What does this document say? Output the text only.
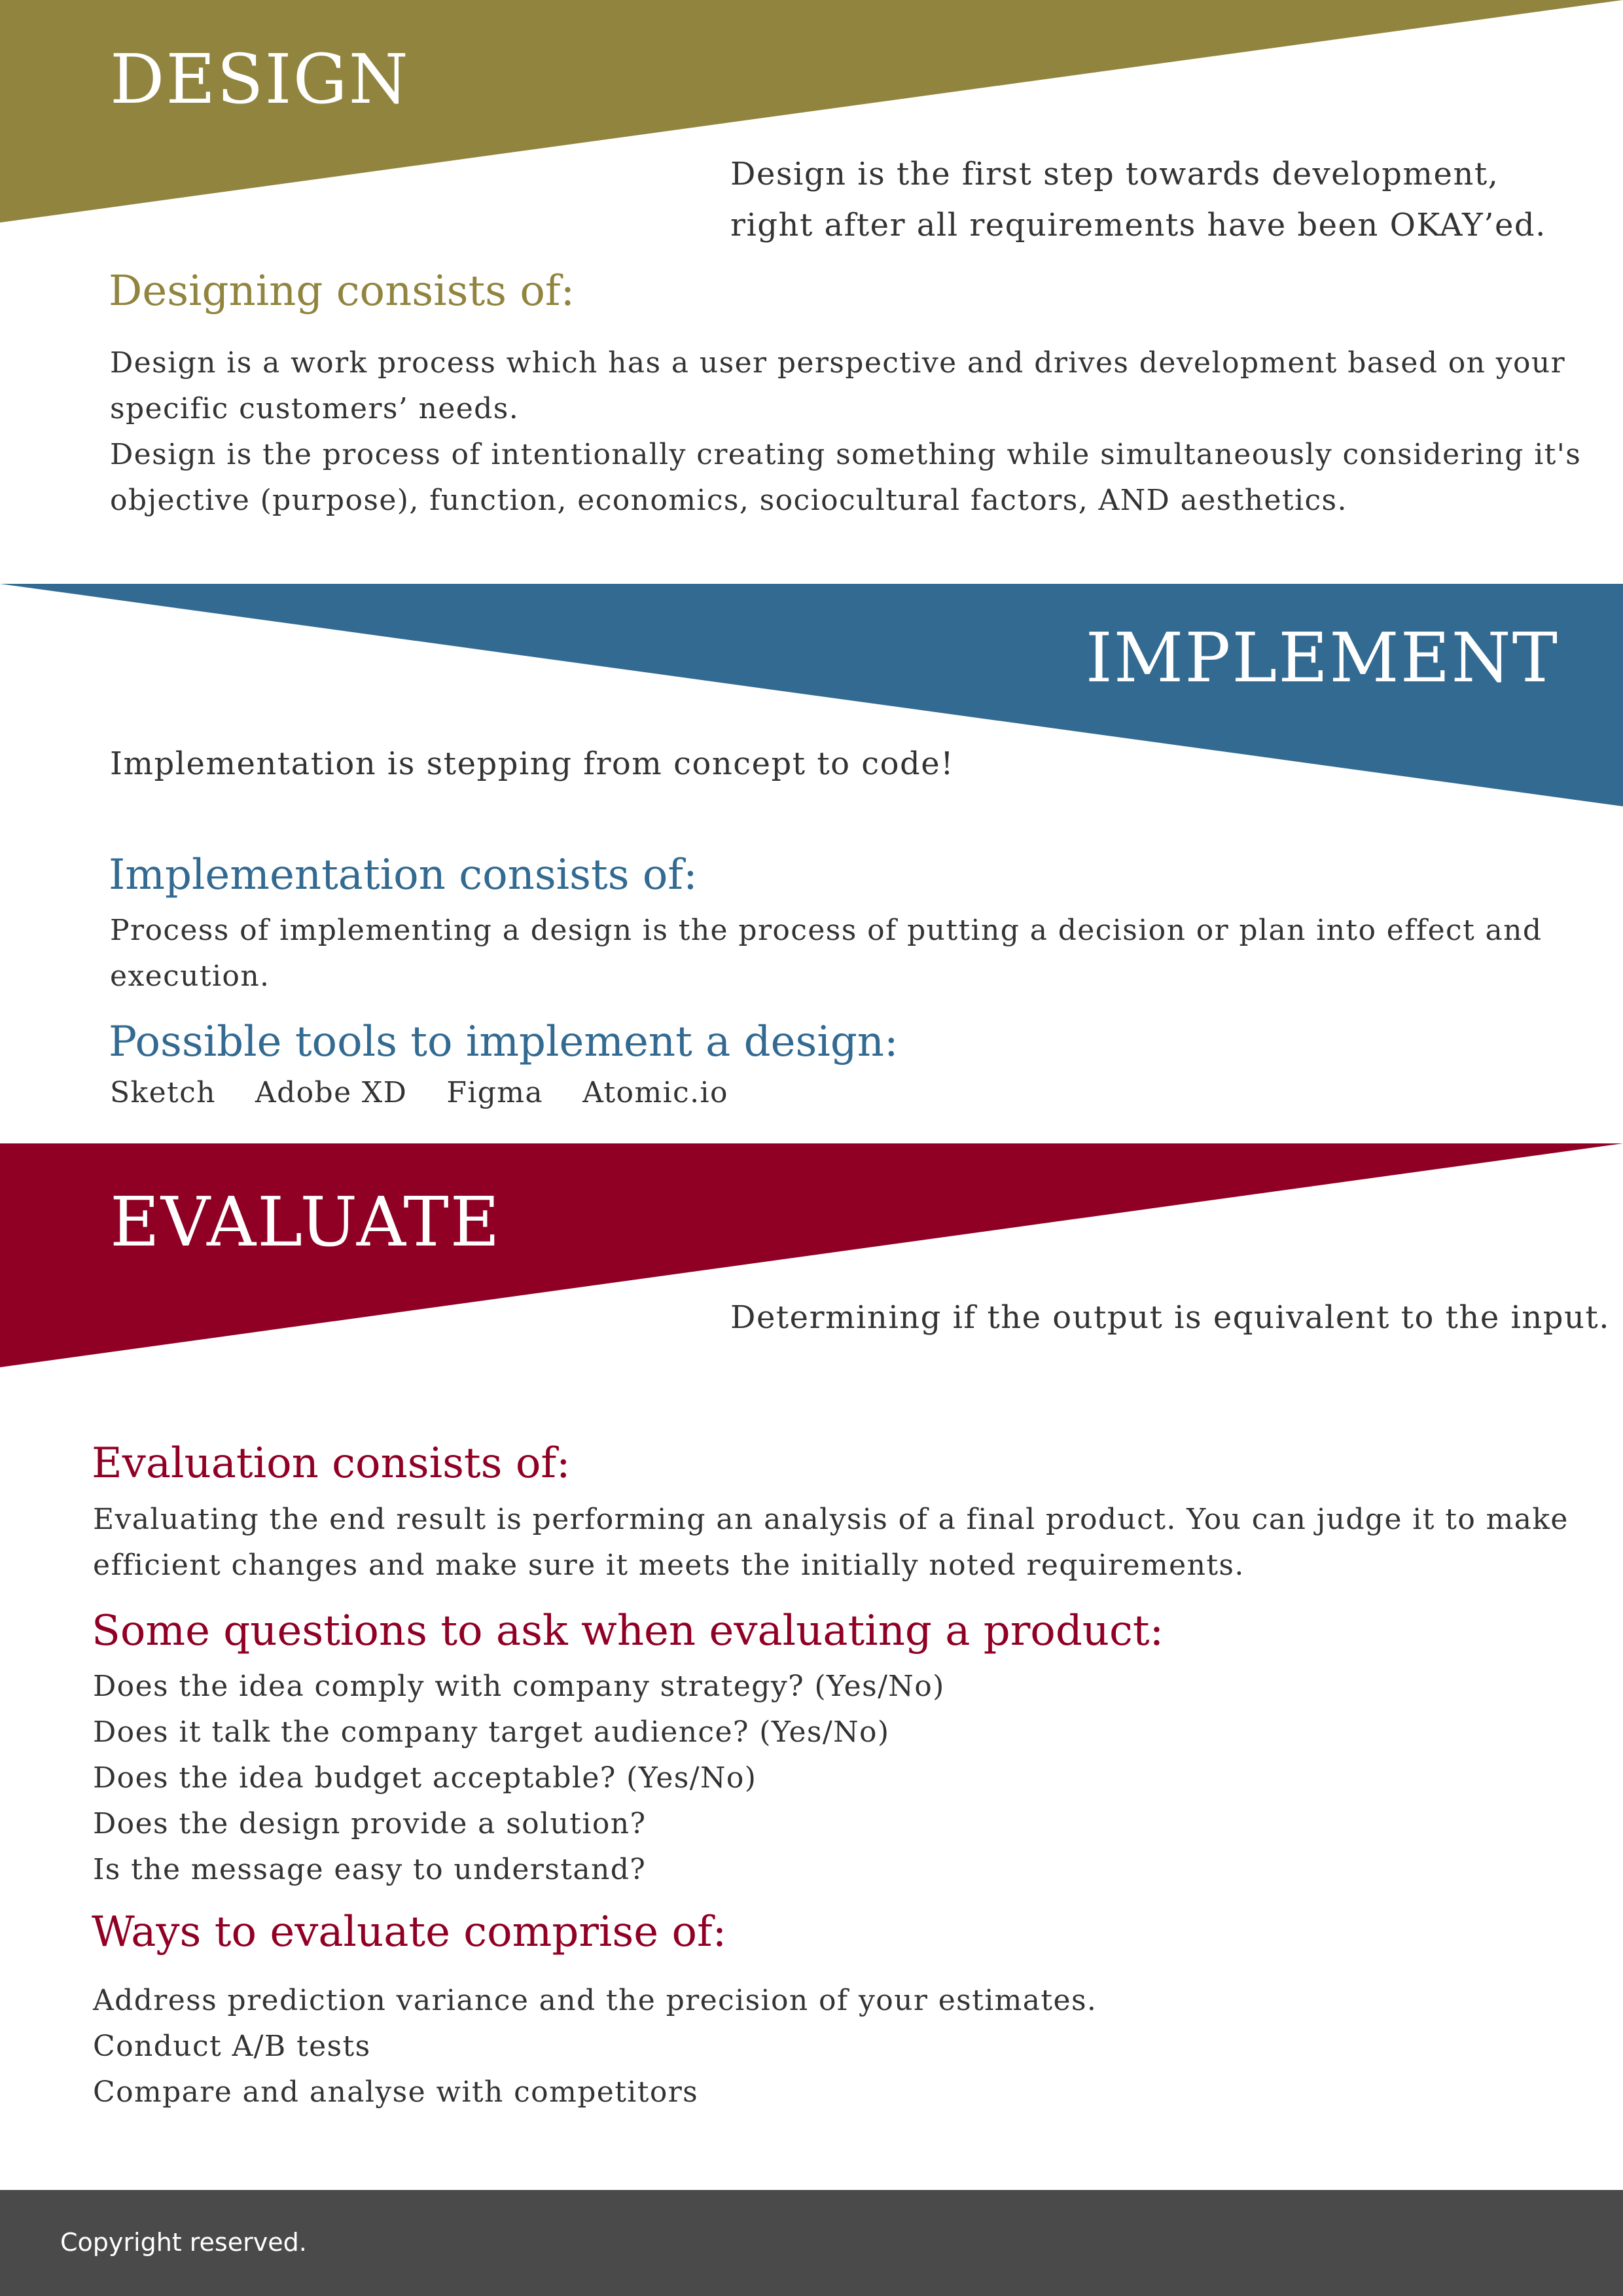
DESIGN

Design is the first step towards development, right after all requirements have been OKAY’ed.

Designing consists of:

Design is a work process which has a user perspective and drives development based on your specific customers’ needs.

Design is the process of intentionally creating something while simultaneously considering it's objective (purpose), function, economics, sociocultural factors, AND aesthetics.

IMPLEMENT

Implementation is stepping from concept to code!

Implementation consists of:

Process of implementing a design is the process of putting a decision or plan into effect and execution.

Possible tools to implement a design:
Sketch Adobe XD Figma Atomic.io
EVALUATE

Determining if the output is equivalent to the input.

Evaluation consists of:

Evaluating the end result is performing an analysis of a final product. You can judge it to make efficient changes and make sure it meets the initially noted requirements.

Some questions to ask when evaluating a product:

Does the idea comply with company strategy? (Yes/No)

Does it talk the company target audience? (Yes/No)

Does the idea budget acceptable? (Yes/No)

Does the design provide a solution?

Is the message easy to understand?

Ways to evaluate comprise of:

Address prediction variance and the precision of your estimates.

Conduct A/B tests

Compare and analyse with competitors

Copyright reserved.
